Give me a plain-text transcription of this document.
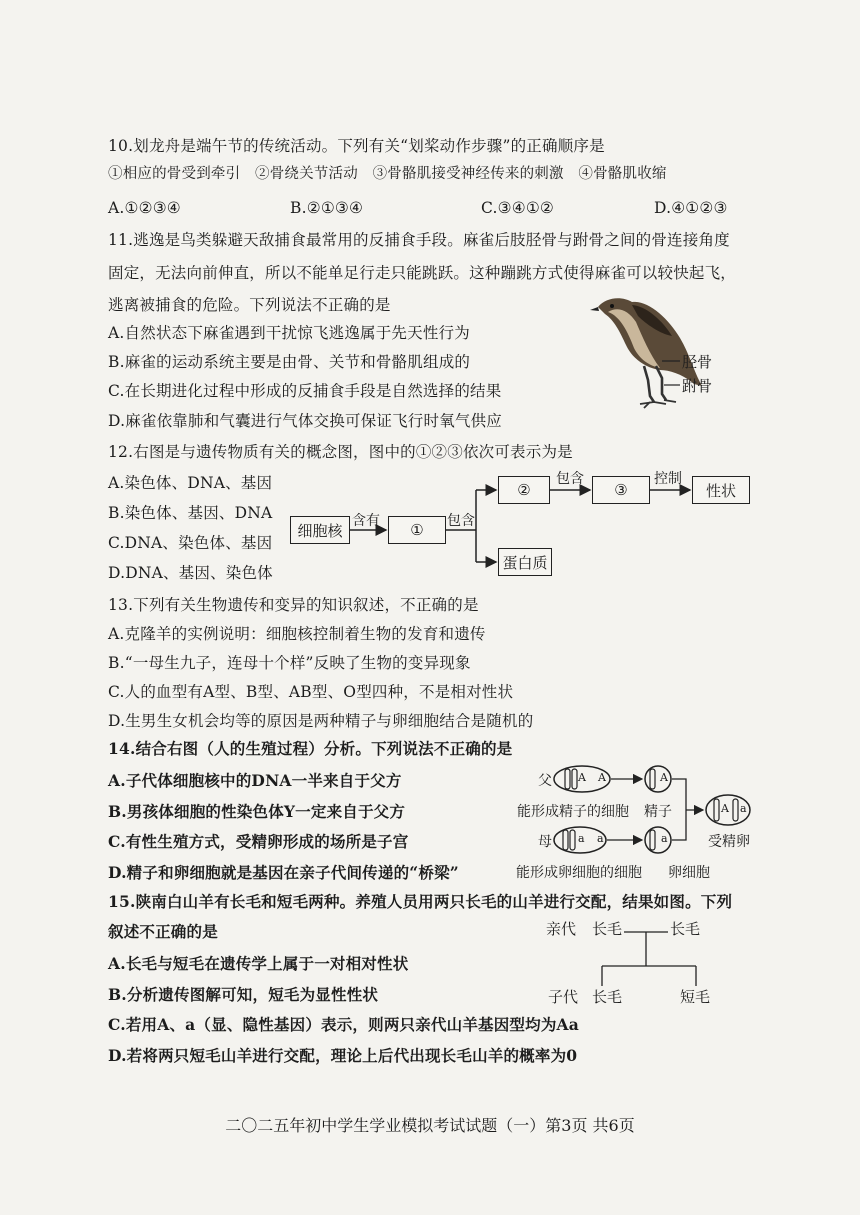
10.划龙舟是端午节的传统活动。下列有关“划桨动作步骤”的正确顺序是
①相应的骨受到牵引　②骨绕关节活动　③骨骼肌接受神经传来的刺激　④骨骼肌收缩
A.①②③④	B.②①③④	C.③④①②	D.④①②③
11.逃逸是鸟类躲避天敌捕食最常用的反捕食手段。麻雀后肢胫骨与跗骨之间的骨连接角度
固定，无法向前伸直，所以不能单足行走只能跳跃。这种蹦跳方式使得麻雀可以较快起飞，
逃离被捕食的危险。下列说法不正确的是
A.自然状态下麻雀遇到干扰惊飞逃逸属于先天性行为
B.麻雀的运动系统主要是由骨、关节和骨骼肌组成的
C.在长期进化过程中形成的反捕食手段是自然选择的结果
D.麻雀依靠肺和气囊进行气体交换可保证飞行时氧气供应
胫骨
跗骨
12.右图是与遗传物质有关的概念图，图中的①②③依次可表示为是
A.染色体、DNA、基因
B.染色体、基因、DNA
C.DNA、染色体、基因
D.DNA、基因、染色体
细胞核
含有	①	包含
②
包含
③
控制
性状
蛋白质
13.下列有关生物遗传和变异的知识叙述，不正确的是
A.克隆羊的实例说明：细胞核控制着生物的发育和遗传
B.“一母生九子，连母十个样”反映了生物的变异现象
C.人的血型有A型、B型、AB型、O型四种，不是相对性状
D.生男生女机会均等的原因是两种精子与卵细胞结合是随机的
14.结合右图（人的生殖过程）分析。下列说法不正确的是
A.子代体细胞核中的DNA一半来自于父方
B.男孩体细胞的性染色体Y一定来自于父方
C.有性生殖方式，受精卵形成的场所是子宫
D.精子和卵细胞就是基因在亲子代间传递的“桥梁”
父 A A	A
能形成精子的细胞 精子
母 a a	a
A a
受精卵
能形成卵细胞的细胞 卵细胞
15.陕南白山羊有长毛和短毛两种。养殖人员用两只长毛的山羊进行交配，结果如图。下列
叙述不正确的是
A.长毛与短毛在遗传学上属于一对相对性状
B.分析遗传图解可知，短毛为显性性状
C.若用A、a（显、隐性基因）表示，则两只亲代山羊基因型均为Aa
D.若将两只短毛山羊进行交配，理论上后代出现长毛山羊的概率为0
亲代 长毛	长毛
子代 长毛	短毛
二〇二五年初中学生学业模拟考试试题（一）第3页 共6页
